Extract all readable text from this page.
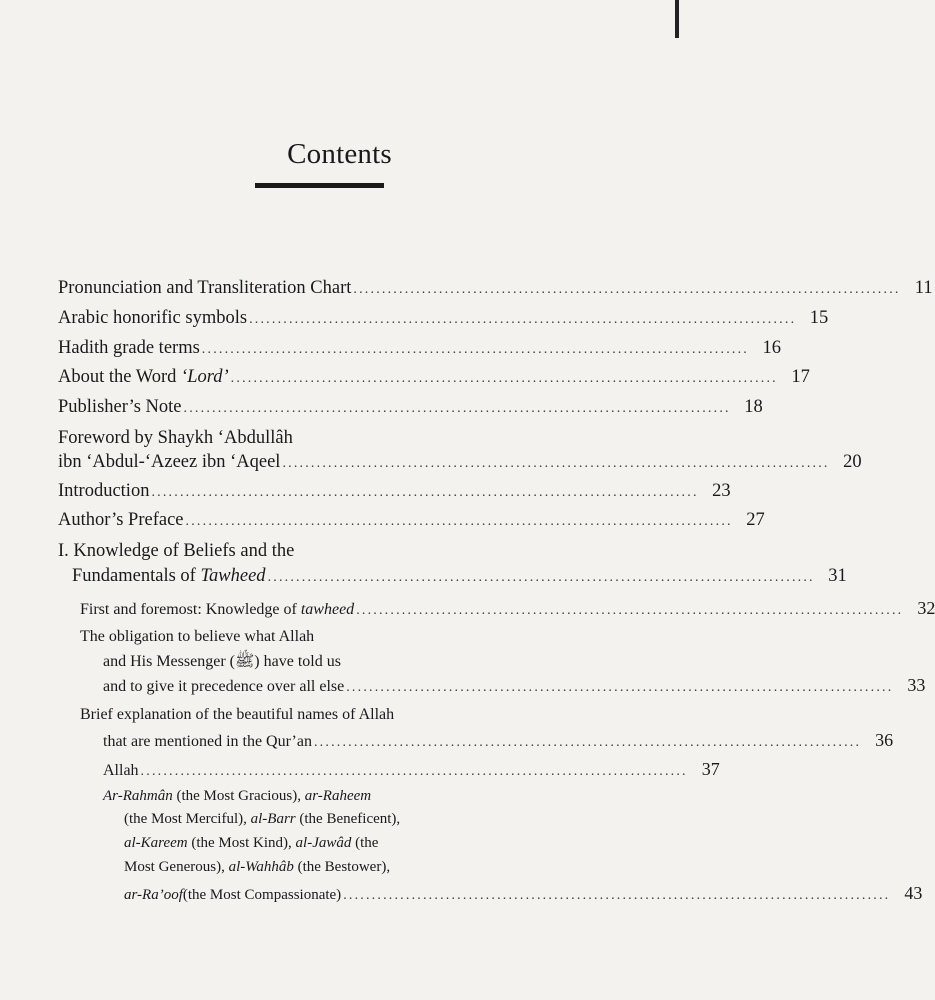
Contents
Pronunciation and Transliteration Chart ................................................................................................ 11
Arabic honorific symbols ................................................................................................ 15
Hadith grade terms ................................................................................................ 16
About the Word ‘Lord’ ................................................................................................ 17
Publisher’s Note ................................................................................................ 18
Foreword by Shaykh ‘Abdullâh
ibn ‘Abdul-‘Azeez ibn ‘Aqeel ................................................................................................ 20
Introduction ................................................................................................ 23
Author’s Preface ................................................................................................ 27
I. Knowledge of Beliefs and the
Fundamentals of Tawheed ................................................................................................ 31
First and foremost: Knowledge of tawheed ................................................................................................ 32
The obligation to believe what Allah
and His Messenger (ﷺ) have told us
and to give it precedence over all else ................................................................................................ 33
Brief explanation of the beautiful names of Allah
that are mentioned in the Qur’an ................................................................................................ 36
Allah ................................................................................................ 37
Ar-Rahmân (the Most Gracious), ar-Raheem
(the Most Merciful), al-Barr (the Beneficent),
al-Kareem (the Most Kind), al-Jawâd (the
Most Generous), al-Wahhâb (the Bestower),
ar-Ra’oof(the Most Compassionate) ................................................................................................ 43
